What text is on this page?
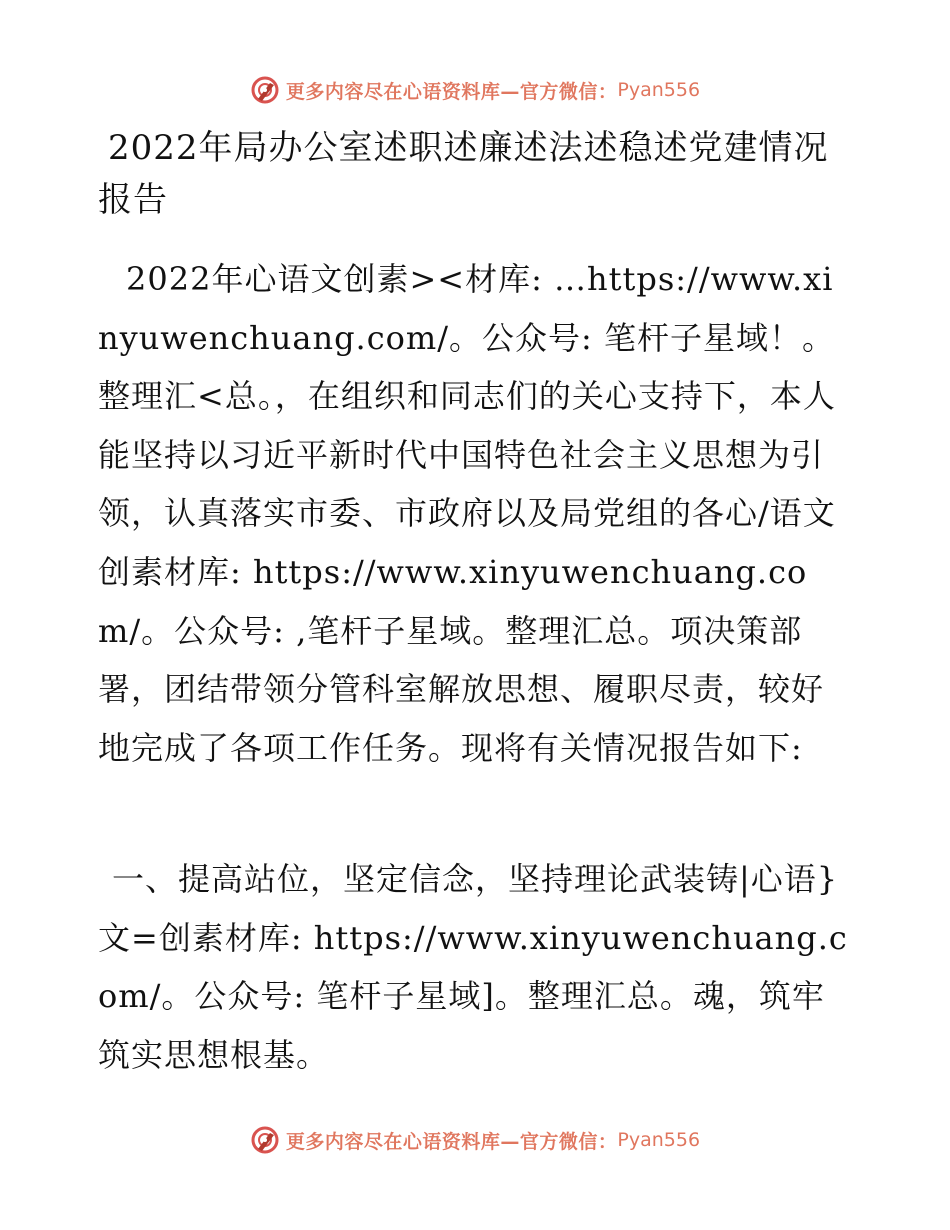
更多内容尽在心语资料库—官方微信： Pyan556
2022年局办公室述职述廉述法述稳述党建情况报告

2022年心语文创素><材库: …https://www.xinyuwenchuang.com/。公众号: 笔杆子星域！。整理汇<总。，在组织和同志们的关心支持下，本人能坚持以习近平新时代中国特色社会主义思想为引领，认真落实市委、市政府以及局党组的各心/语文创素材库: https://www.xinyuwenchuang.com/。公众号: ,笔杆子星域。整理汇总。项决策部署，团结带领分管科室解放思想、履职尽责，较好地完成了各项工作任务。现将有关情况报告如下:

一、提高站位，坚定信念，坚持理论武装铸|心语}文=创素材库: https://www.xinyuwenchuang.com/。公众号: 笔杆子星域]。整理汇总。魂，筑牢筑实思想根基。

更多内容尽在心语资料库—官方微信： Pyan556
